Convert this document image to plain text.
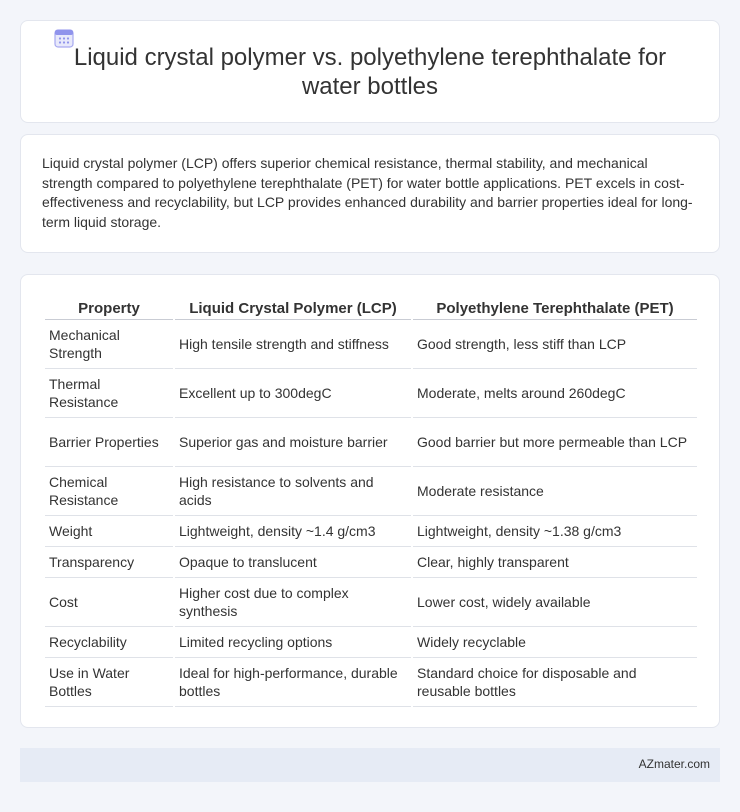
Liquid crystal polymer vs. polyethylene terephthalate for water bottles

Liquid crystal polymer (LCP) offers superior chemical resistance, thermal stability, and mechanical strength compared to polyethylene terephthalate (PET) for water bottle applications. PET excels in cost-effectiveness and recyclability, but LCP provides enhanced durability and barrier properties ideal for long-term liquid storage.

Property	Liquid Crystal Polymer (LCP)	Polyethylene Terephthalate (PET)
Mechanical Strength	High tensile strength and stiffness	Good strength, less stiff than LCP
Thermal Resistance	Excellent up to 300degC	Moderate, melts around 260degC
Barrier Properties	Superior gas and moisture barrier	Good barrier but more permeable than LCP
Chemical Resistance	High resistance to solvents and acids	Moderate resistance
Weight	Lightweight, density ~1.4 g/cm3	Lightweight, density ~1.38 g/cm3
Transparency	Opaque to translucent	Clear, highly transparent
Cost	Higher cost due to complex synthesis	Lower cost, widely available
Recyclability	Limited recycling options	Widely recyclable
Use in Water Bottles	Ideal for high-performance, durable bottles	Standard choice for disposable and reusable bottles
AZmater.com
